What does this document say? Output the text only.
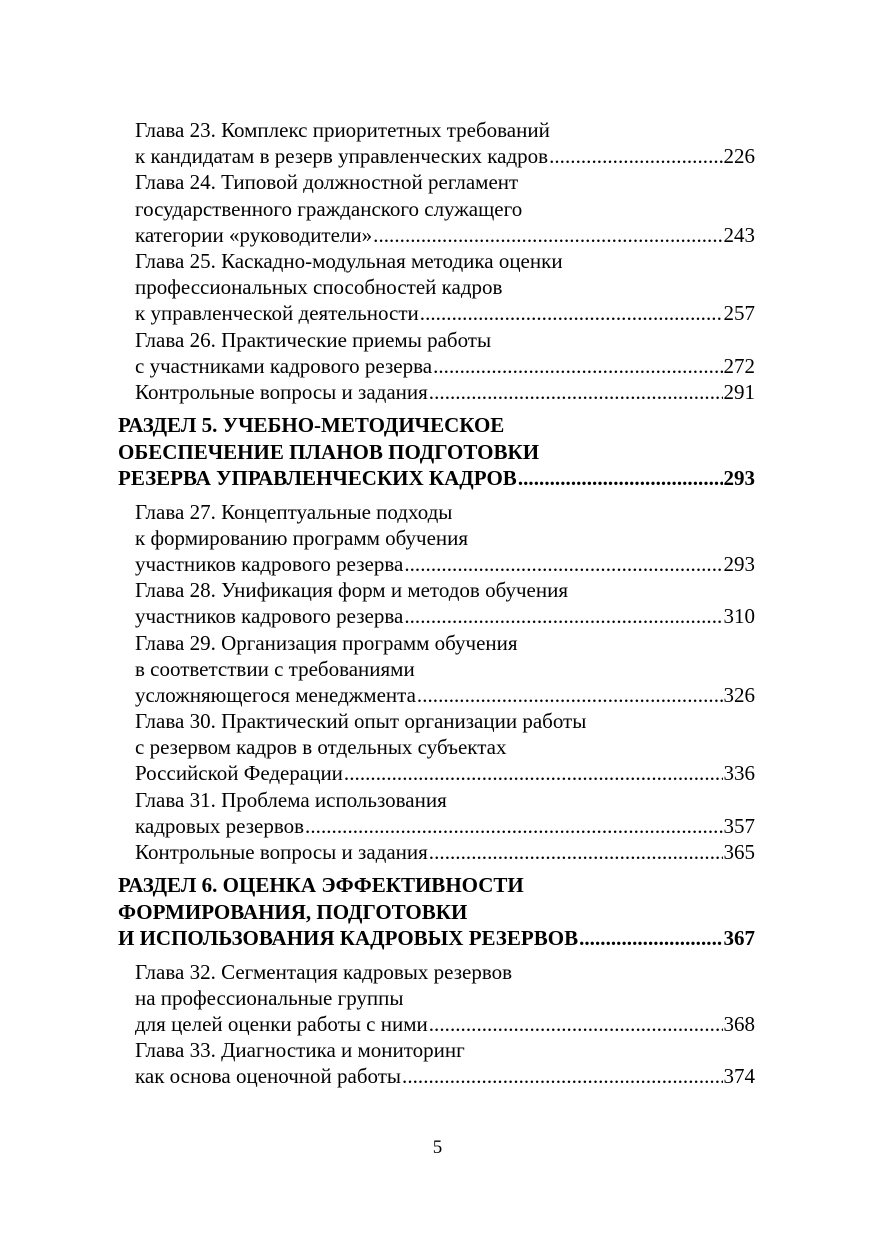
Глава 23. Комплекс приоритетных требований
к кандидатам в резерв управленческих кадров . . .	226
Глава 24. Типовой должностной регламент
государственного гражданского служащего
категории «руководители» . . .	243
Глава 25. Каскадно-модульная методика оценки
профессиональных способностей кадров
к управленческой деятельности . . .	257
Глава 26. Практические приемы работы
с участниками кадрового резерва . . .	272
Контрольные вопросы и задания . . .	291
РАЗДЕЛ 5. УЧЕБНО-МЕТОДИЧЕСКОЕ
ОБЕСПЕЧЕНИЕ ПЛАНОВ ПОДГОТОВКИ
РЕЗЕРВА УПРАВЛЕНЧЕСКИХ КАДРОВ . . .	293
Глава 27. Концептуальные подходы
к формированию программ обучения
участников кадрового резерва . . .	293
Глава 28. Унификация форм и методов обучения
участников кадрового резерва . . .	310
Глава 29. Организация программ обучения
в соответствии с требованиями
усложняющегося менеджмента . . .	326
Глава 30. Практический опыт организации работы
с резервом кадров в отдельных субъектах
Российской Федерации . . .	336
Глава 31. Проблема использования
кадровых резервов . . .	357
Контрольные вопросы и задания . . .	365
РАЗДЕЛ 6. ОЦЕНКА ЭФФЕКТИВНОСТИ
ФОРМИРОВАНИЯ, ПОДГОТОВКИ
И ИСПОЛЬЗОВАНИЯ КАДРОВЫХ РЕЗЕРВОВ . . .	367
Глава 32. Сегментация кадровых резервов
на профессиональные группы
для целей оценки работы с ними . . .	368
Глава 33. Диагностика и мониторинг
как основа оценочной работы . . .	374
5
